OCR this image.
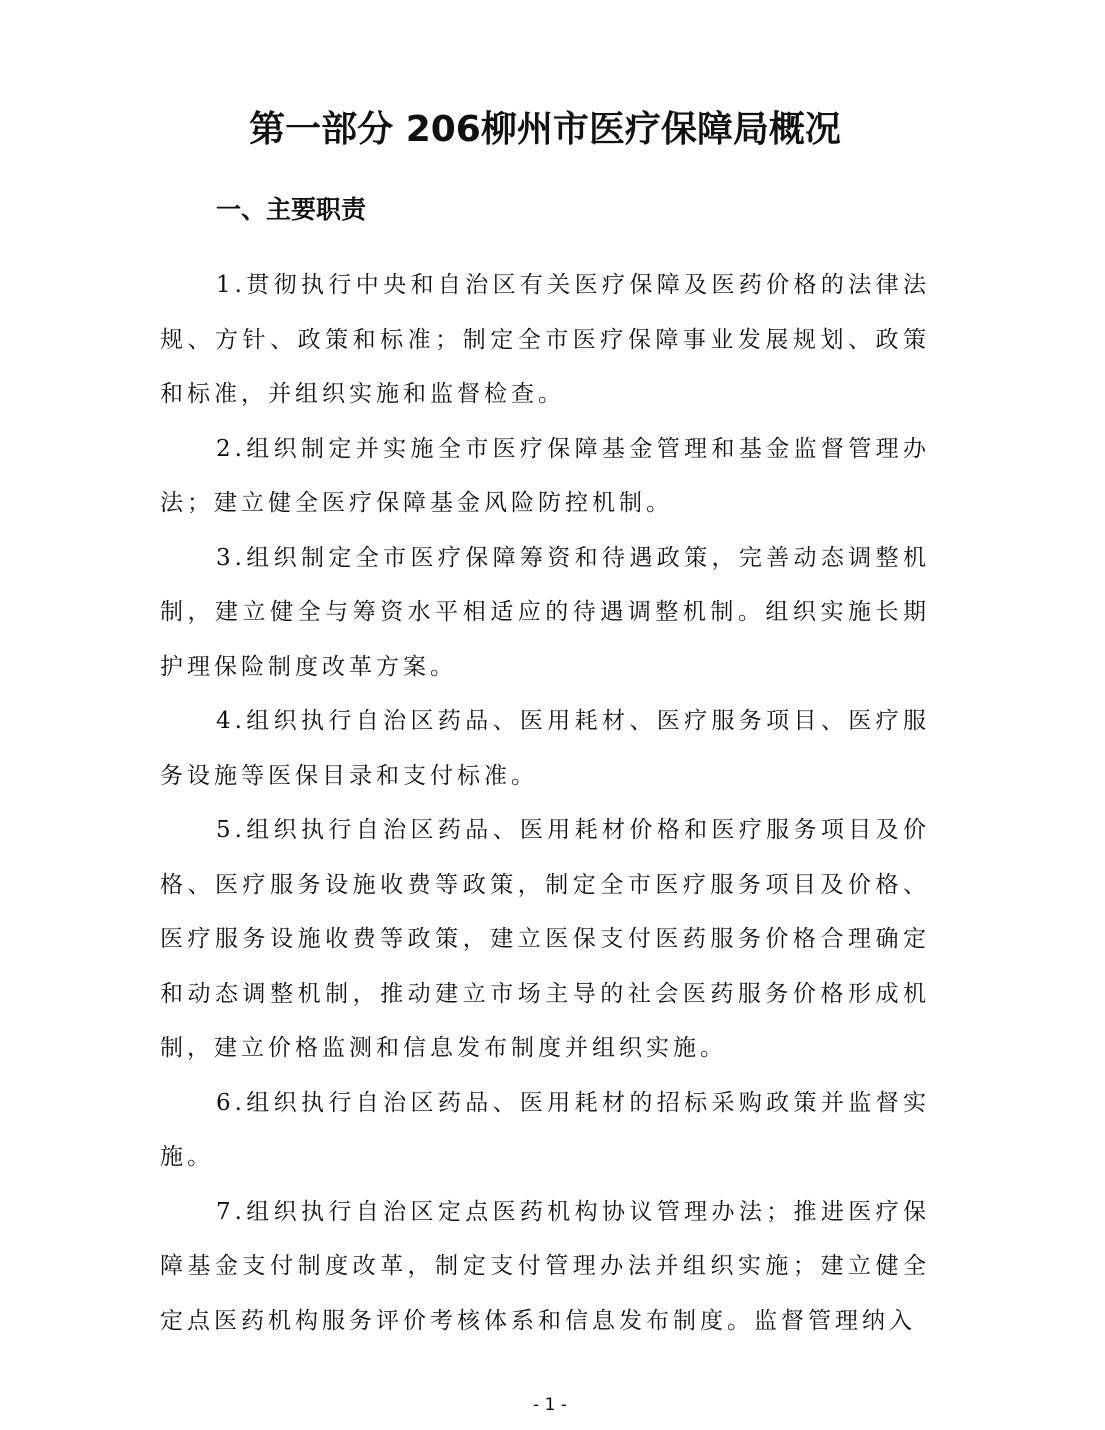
第一部分 206柳州市医疗保障局概况
一、主要职责

1.贯彻执行中央和自治区有关医疗保障及医药价格的法律法规、方针、政策和标准；制定全市医疗保障事业发展规划、政策和标准，并组织实施和监督检查。

2.组织制定并实施全市医疗保障基金管理和基金监督管理办法；建立健全医疗保障基金风险防控机制。

3.组织制定全市医疗保障筹资和待遇政策，完善动态调整机制，建立健全与筹资水平相适应的待遇调整机制。组织实施长期护理保险制度改革方案。

4.组织执行自治区药品、医用耗材、医疗服务项目、医疗服务设施等医保目录和支付标准。

5.组织执行自治区药品、医用耗材价格和医疗服务项目及价格、医疗服务设施收费等政策，制定全市医疗服务项目及价格、医疗服务设施收费等政策，建立医保支付医药服务价格合理确定和动态调整机制，推动建立市场主导的社会医药服务价格形成机制，建立价格监测和信息发布制度并组织实施。

6.组织执行自治区药品、医用耗材的招标采购政策并监督实施。

7.组织执行自治区定点医药机构协议管理办法；推进医疗保障基金支付制度改革，制定支付管理办法并组织实施；建立健全定点医药机构服务评价考核体系和信息发布制度。监督管理纳入

- 1 -
